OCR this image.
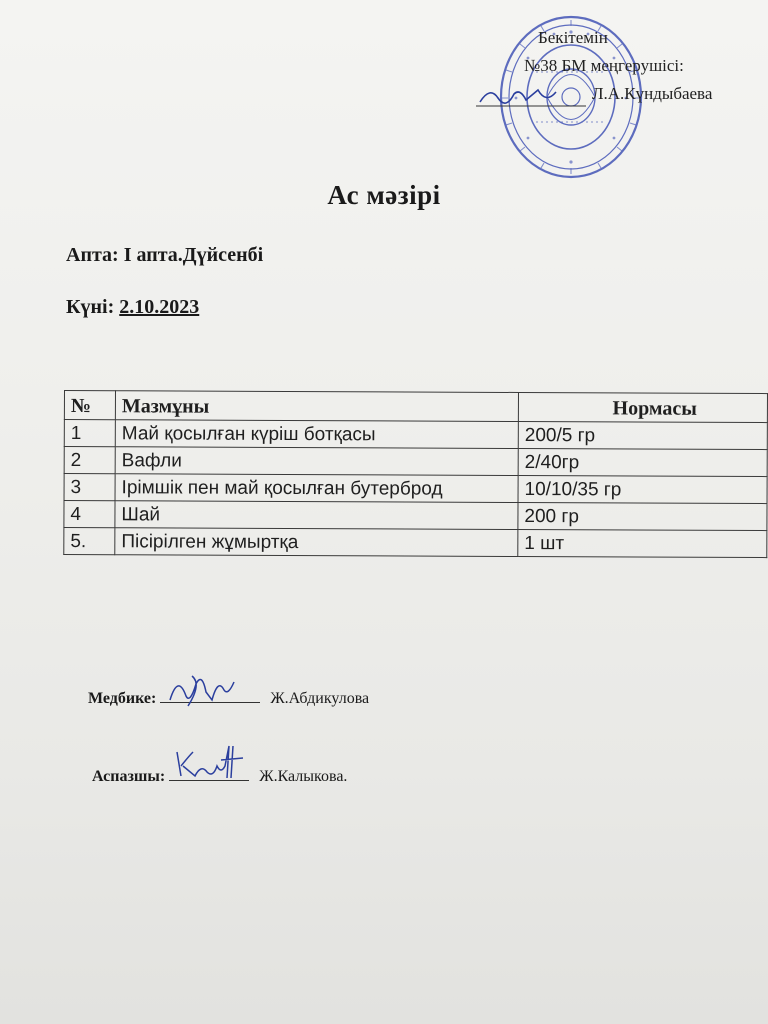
Бекітемін
№38 БМ меңгерушісі:
Л.А.Күндыбаева
Ас мәзірі
Апта: І апта.Дүйсенбі
Күні: 2.10.2023
№	Мазмұны	Нормасы
1	Май қосылған күріш ботқасы	200/5 гр
2	Вафли	2/40гр
3	Ірімшік пен май қосылған бутерброд	10/10/35 гр
4	Шай	200 гр
5.	Пісірілген жұмыртқа	1 шт
Медбике:	Ж.Абдикулова
Аспазшы:	Ж.Калыкова.
